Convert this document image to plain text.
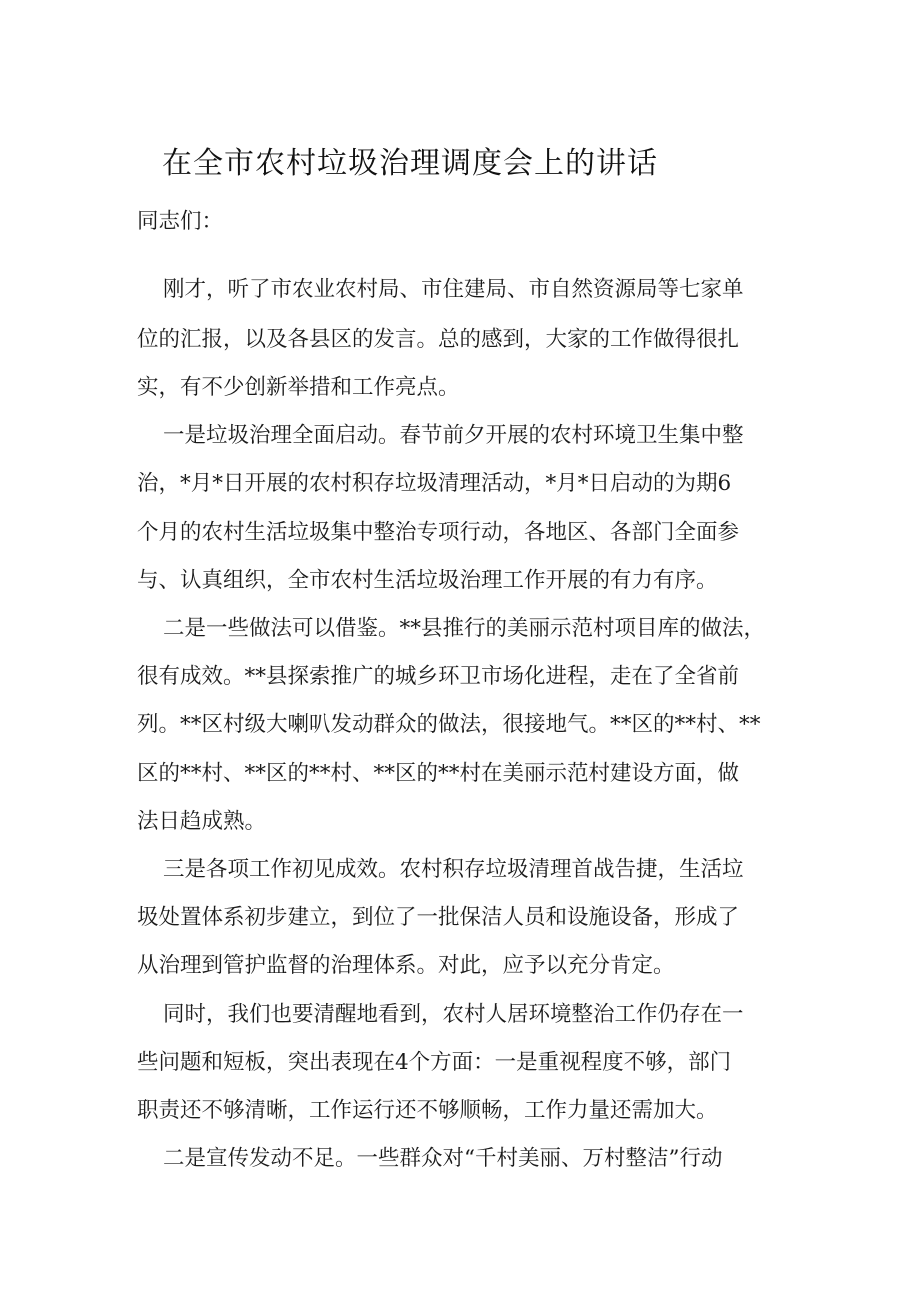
在全市农村垃圾治理调度会上的讲话
同志们：
刚才，听了市农业农村局、市住建局、市自然资源局等七家单
位的汇报，以及各县区的发言。总的感到，大家的工作做得很扎
实，有不少创新举措和工作亮点。
一是垃圾治理全面启动。春节前夕开展的农村环境卫生集中整
治，*月*日开展的农村积存垃圾清理活动，*月*日启动的为期6
个月的农村生活垃圾集中整治专项行动，各地区、各部门全面参
与、认真组织，全市农村生活垃圾治理工作开展的有力有序。
二是一些做法可以借鉴。**县推行的美丽示范村项目库的做法，
很有成效。**县探索推广的城乡环卫市场化进程，走在了全省前
列。**区村级大喇叭发动群众的做法，很接地气。**区的**村、**
区的**村、**区的**村、**区的**村在美丽示范村建设方面，做
法日趋成熟。
三是各项工作初见成效。农村积存垃圾清理首战告捷，生活垃
圾处置体系初步建立，到位了一批保洁人员和设施设备，形成了
从治理到管护监督的治理体系。对此，应予以充分肯定。
同时，我们也要清醒地看到，农村人居环境整治工作仍存在一
些问题和短板，突出表现在4个方面：一是重视程度不够，部门
职责还不够清晰，工作运行还不够顺畅，工作力量还需加大。
二是宣传发动不足。一些群众对“千村美丽、万村整洁”行动
